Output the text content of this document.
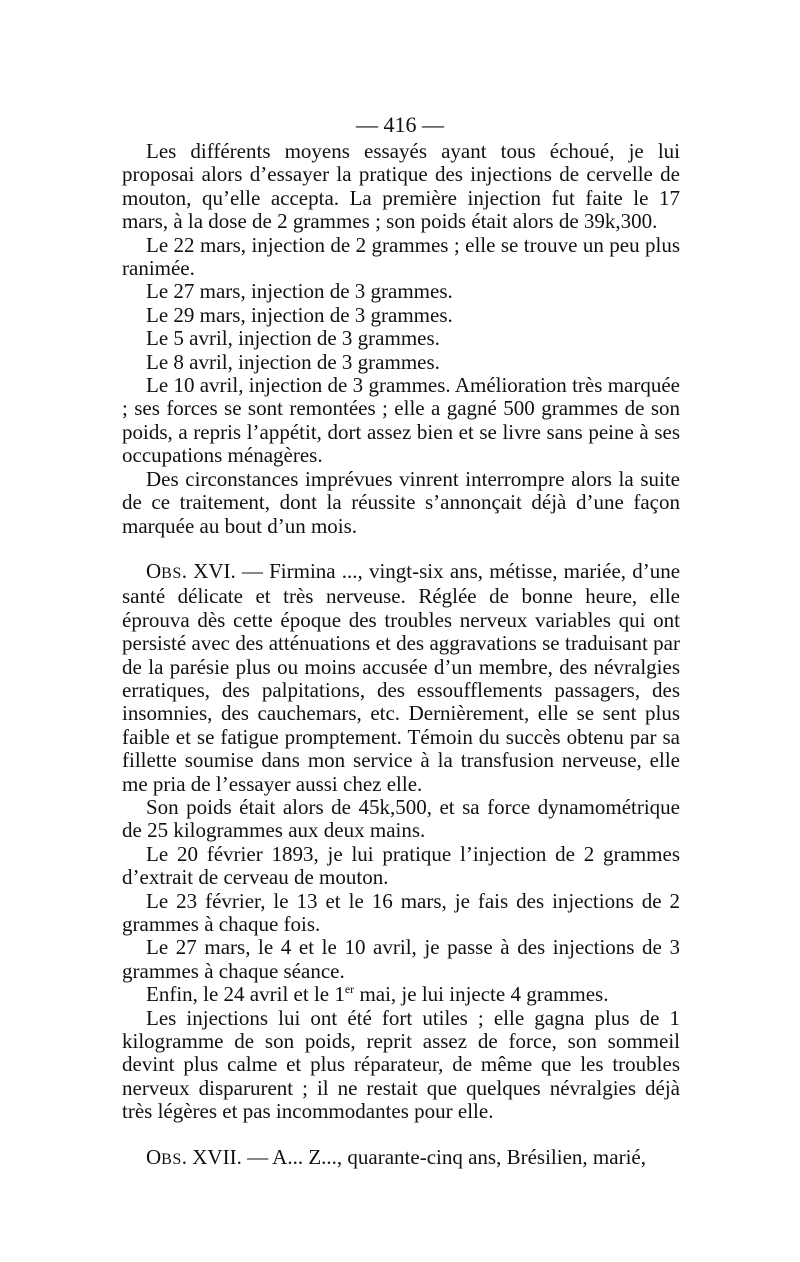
— 416 —

Les différents moyens essayés ayant tous échoué, je lui proposai alors d’essayer la pratique des injections de cervelle de mouton, qu’elle accepta. La première injection fut faite le 17 mars, à la dose de 2 grammes ; son poids était alors de 39k,300.

Le 22 mars, injection de 2 grammes ; elle se trouve un peu plus ranimée.

Le 27 mars, injection de 3 grammes.

Le 29 mars, injection de 3 grammes.

Le 5 avril, injection de 3 grammes.

Le 8 avril, injection de 3 grammes.

Le 10 avril, injection de 3 grammes. Amélioration très marquée ; ses forces se sont remontées ; elle a gagné 500 grammes de son poids, a repris l’appétit, dort assez bien et se livre sans peine à ses occupations ménagères.

Des circonstances imprévues vinrent interrompre alors la suite de ce traitement, dont la réussite s’annonçait déjà d’une façon marquée au bout d’un mois.

OBS. XVI. — Firmina ..., vingt-six ans, métisse, mariée, d’une santé délicate et très nerveuse. Réglée de bonne heure, elle éprouva dès cette époque des troubles nerveux variables qui ont persisté avec des atténuations et des aggravations se traduisant par de la parésie plus ou moins accusée d’un membre, des névralgies erratiques, des palpitations, des essoufflements passagers, des insomnies, des cauchemars, etc. Dernièrement, elle se sent plus faible et se fatigue promptement. Témoin du succès obtenu par sa fillette soumise dans mon service à la transfusion nerveuse, elle me pria de l’essayer aussi chez elle.

Son poids était alors de 45k,500, et sa force dynamométrique de 25 kilogrammes aux deux mains.

Le 20 février 1893, je lui pratique l’injection de 2 grammes d’extrait de cerveau de mouton.

Le 23 février, le 13 et le 16 mars, je fais des injections de 2 grammes à chaque fois.

Le 27 mars, le 4 et le 10 avril, je passe à des injections de 3 grammes à chaque séance.

Enfin, le 24 avril et le 1er mai, je lui injecte 4 grammes.

Les injections lui ont été fort utiles ; elle gagna plus de 1 kilogramme de son poids, reprit assez de force, son sommeil devint plus calme et plus réparateur, de même que les troubles nerveux disparurent ; il ne restait que quelques névralgies déjà très légères et pas incommodantes pour elle.

OBS. XVII. — A... Z..., quarante-cinq ans, Brésilien, marié,
